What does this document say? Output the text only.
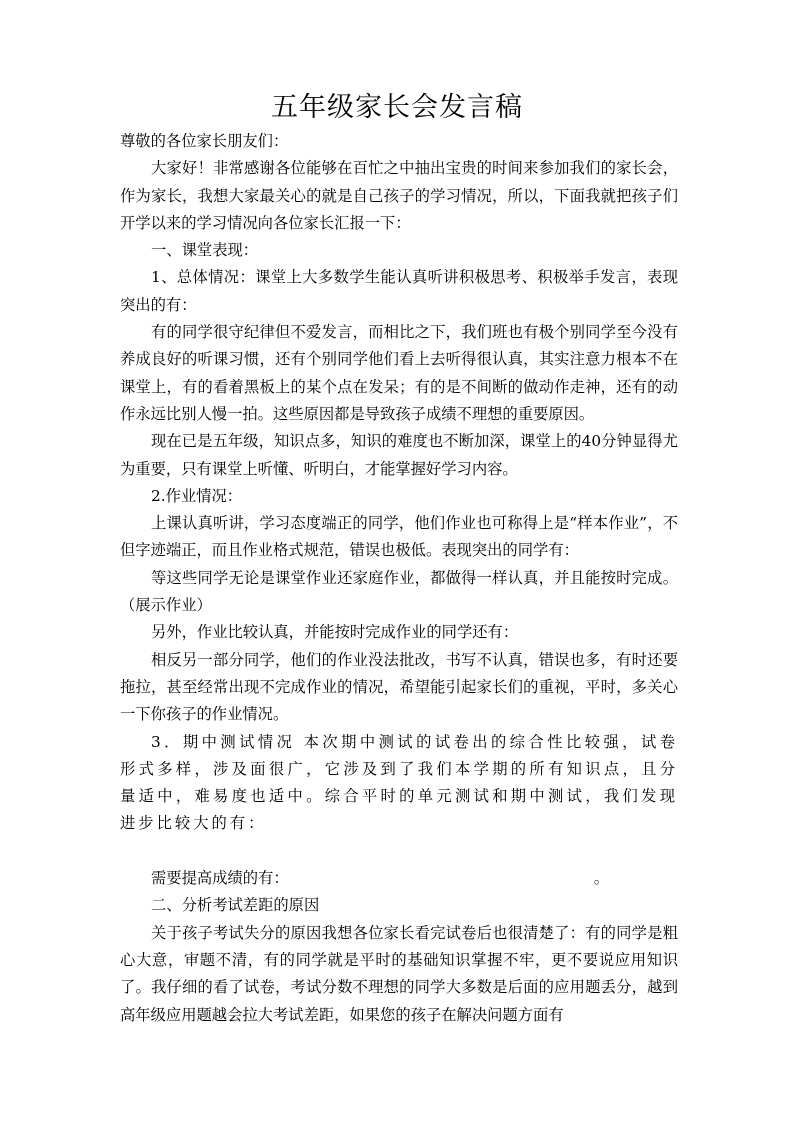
五年级家长会发言稿

尊敬的各位家长朋友们：

大家好！非常感谢各位能够在百忙之中抽出宝贵的时间来参加我们的家长会，作为家长，我想大家最关心的就是自己孩子的学习情况，所以，下面我就把孩子们开学以来的学习情况向各位家长汇报一下：

一、课堂表现：

1、总体情况：课堂上大多数学生能认真听讲积极思考、积极举手发言，表现突出的有：

有的同学很守纪律但不爱发言，而相比之下，我们班也有极个别同学至今没有养成良好的听课习惯，还有个别同学他们看上去听得很认真，其实注意力根本不在课堂上，有的看着黑板上的某个点在发呆；有的是不间断的做动作走神，还有的动作永远比别人慢一拍。这些原因都是导致孩子成绩不理想的重要原因。

现在已是五年级，知识点多，知识的难度也不断加深，课堂上的40分钟显得尤为重要，只有课堂上听懂、听明白，才能掌握好学习内容。

2.作业情况：

上课认真听讲，学习态度端正的同学，他们作业也可称得上是“样本作业”，不但字迹端正，而且作业格式规范，错误也极低。表现突出的同学有：

等这些同学无论是课堂作业还家庭作业，都做得一样认真，并且能按时完成。（展示作业）

另外，作业比较认真，并能按时完成作业的同学还有：

相反另一部分同学，他们的作业没法批改，书写不认真，错误也多，有时还要拖拉，甚至经常出现不完成作业的情况，希望能引起家长们的重视，平时，多关心一下你孩子的作业情况。

3．期中测试情况 本次期中测试的试卷出的综合性比较强，试卷形式多样，涉及面很广，它涉及到了我们本学期的所有知识点，且分量适中，难易度也适中。综合平时的单元测试和期中测试，我们发现进步比较大的有：

需要提高成绩的有：	。

二、分析考试差距的原因

关于孩子考试失分的原因我想各位家长看完试卷后也很清楚了：有的同学是粗心大意，审题不清，有的同学就是平时的基础知识掌握不牢，更不要说应用知识了。我仔细的看了试卷，考试分数不理想的同学大多数是后面的应用题丢分，越到高年级应用题越会拉大考试差距，如果您的孩子在解决问题方面有
